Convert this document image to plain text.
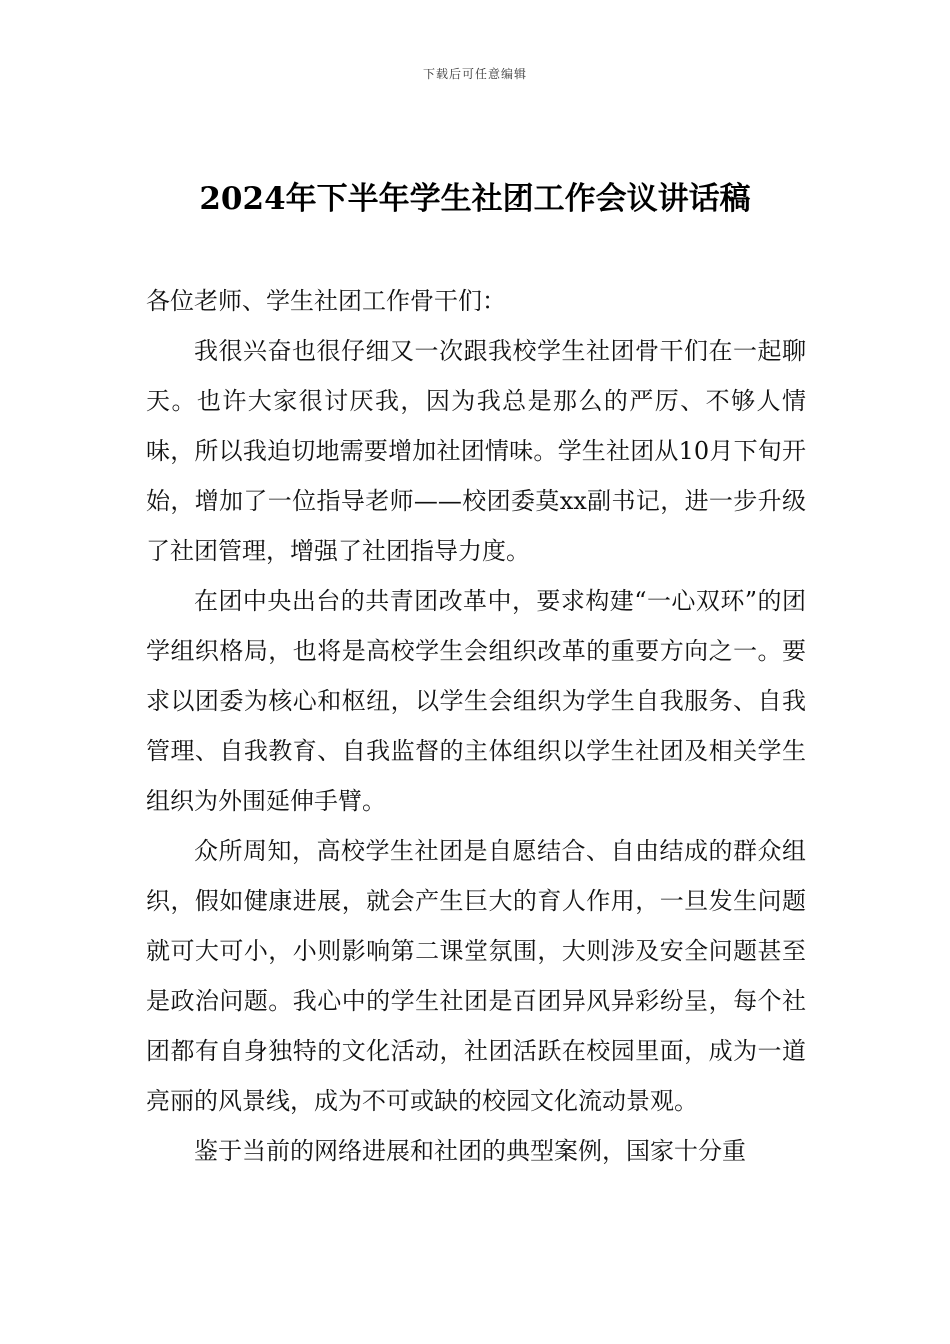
下载后可任意编辑
2024年下半年学生社团工作会议讲话稿

各位老师、学生社团工作骨干们：

我很兴奋也很仔细又一次跟我校学生社团骨干们在一起聊天。也许大家很讨厌我，因为我总是那么的严厉、不够人情味，所以我迫切地需要增加社团情味。学生社团从10月下旬开始，增加了一位指导老师——校团委莫xx副书记，进一步升级了社团管理，增强了社团指导力度。

在团中央出台的共青团改革中，要求构建“一心双环”的团学组织格局，也将是高校学生会组织改革的重要方向之一。要求以团委为核心和枢纽，以学生会组织为学生自我服务、自我管理、自我教育、自我监督的主体组织以学生社团及相关学生组织为外围延伸手臂。

众所周知，高校学生社团是自愿结合、自由结成的群众组织，假如健康进展，就会产生巨大的育人作用，一旦发生问题就可大可小，小则影响第二课堂氛围，大则涉及安全问题甚至是政治问题。我心中的学生社团是百团异风异彩纷呈，每个社团都有自身独特的文化活动，社团活跃在校园里面，成为一道亮丽的风景线，成为不可或缺的校园文化流动景观。

鉴于当前的网络进展和社团的典型案例，国家十分重
